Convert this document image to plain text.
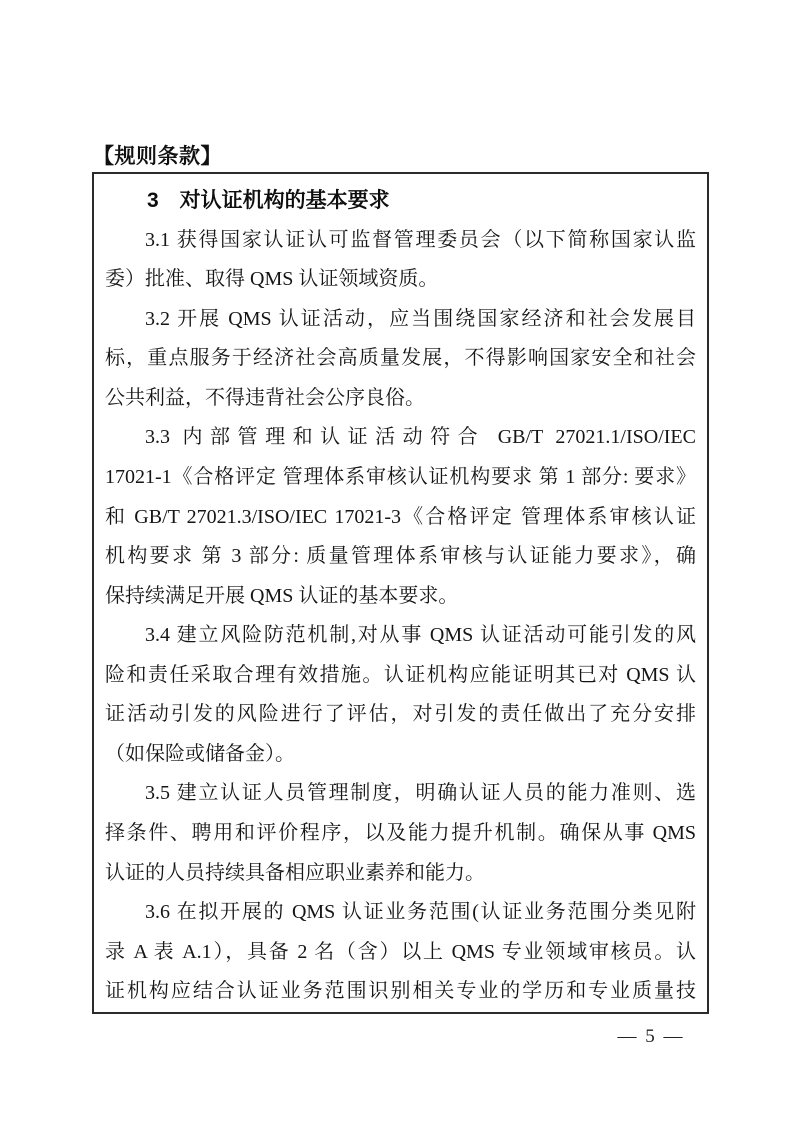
【规则条款】
3　对认证机构的基本要求
3.1 获得国家认证认可监督管理委员会（以下简称国家认监
委）批准、取得 QMS 认证领域资质。
3.2 开展 QMS 认证活动，应当围绕国家经济和社会发展目
标，重点服务于经济社会高质量发展，不得影响国家安全和社会
公共利益，不得违背社会公序良俗。
3.3 内部管理和认证活动符合 GB/T 27021.1/ISO/IEC
17021-1《合格评定 管理体系审核认证机构要求 第 1 部分: 要求》
和 GB/T 27021.3/ISO/IEC 17021-3《合格评定 管理体系审核认证
机构要求 第 3 部分: 质量管理体系审核与认证能力要求》，确
保持续满足开展 QMS 认证的基本要求。
3.4 建立风险防范机制,对从事 QMS 认证活动可能引发的风
险和责任采取合理有效措施。认证机构应能证明其已对 QMS 认
证活动引发的风险进行了评估，对引发的责任做出了充分安排
（如保险或储备金）。
3.5 建立认证人员管理制度，明确认证人员的能力准则、选
择条件、聘用和评价程序，以及能力提升机制。确保从事 QMS
认证的人员持续具备相应职业素养和能力。
3.6 在拟开展的 QMS 认证业务范围(认证业务范围分类见附
录 A 表 A.1），具备 2 名（含）以上 QMS 专业领域审核员。认
证机构应结合认证业务范围识别相关专业的学历和专业质量技
— 5 —
